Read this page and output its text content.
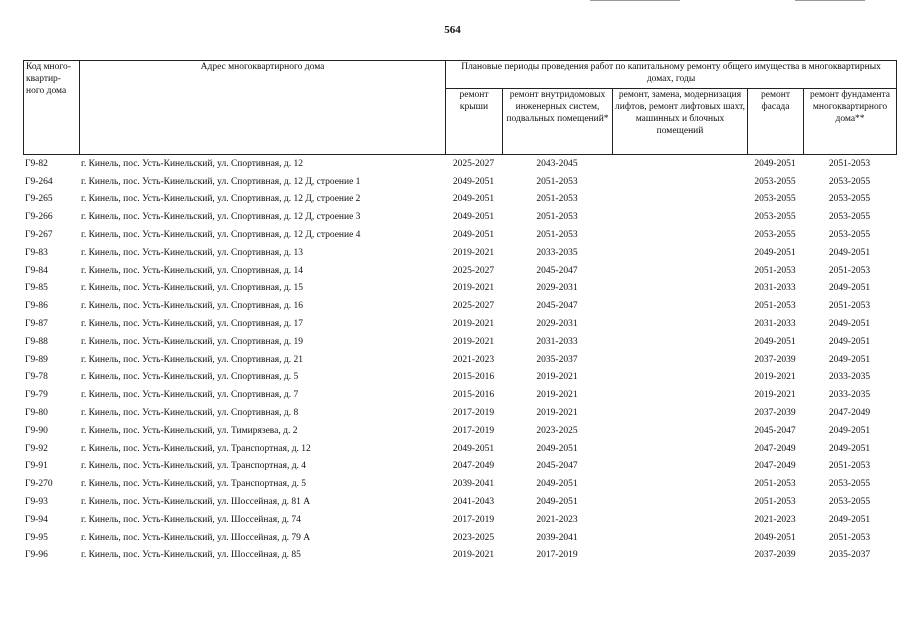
564
Код много-квартир-ного дома	Адрес многоквартирного дома	Плановые периоды проведения работ по капитальному ремонту общего имущества в многоквартирных домах, годы				
		ремонт крыши	ремонт внутридомовых инженерных систем, подвальных помещений*	ремонт, замена, модернизация лифтов, ремонт лифтовых шахт, машинных и блочных помещений	ремонт фасада	ремонт фундамента многоквартирного дома**
Г9-82	г. Кинель, пос. Усть-Кинельский, ул. Спортивная, д. 12	2025-2027	2043-2045		2049-2051	2051-2053
Г9-264	г. Кинель, пос. Усть-Кинельский, ул. Спортивная, д. 12 Д, строение 1	2049-2051	2051-2053		2053-2055	2053-2055
Г9-265	г. Кинель, пос. Усть-Кинельский, ул. Спортивная, д. 12 Д, строение 2	2049-2051	2051-2053		2053-2055	2053-2055
Г9-266	г. Кинель, пос. Усть-Кинельский, ул. Спортивная, д. 12 Д, строение 3	2049-2051	2051-2053		2053-2055	2053-2055
Г9-267	г. Кинель, пос. Усть-Кинельский, ул. Спортивная, д. 12 Д, строение 4	2049-2051	2051-2053		2053-2055	2053-2055
Г9-83	г. Кинель, пос. Усть-Кинельский, ул. Спортивная, д. 13	2019-2021	2033-2035		2049-2051	2049-2051
Г9-84	г. Кинель, пос. Усть-Кинельский, ул. Спортивная, д. 14	2025-2027	2045-2047		2051-2053	2051-2053
Г9-85	г. Кинель, пос. Усть-Кинельский, ул. Спортивная, д. 15	2019-2021	2029-2031		2031-2033	2049-2051
Г9-86	г. Кинель, пос. Усть-Кинельский, ул. Спортивная, д. 16	2025-2027	2045-2047		2051-2053	2051-2053
Г9-87	г. Кинель, пос. Усть-Кинельский, ул. Спортивная, д. 17	2019-2021	2029-2031		2031-2033	2049-2051
Г9-88	г. Кинель, пос. Усть-Кинельский, ул. Спортивная, д. 19	2019-2021	2031-2033		2049-2051	2049-2051
Г9-89	г. Кинель, пос. Усть-Кинельский, ул. Спортивная, д. 21	2021-2023	2035-2037		2037-2039	2049-2051
Г9-78	г. Кинель, пос. Усть-Кинельский, ул. Спортивная, д. 5	2015-2016	2019-2021		2019-2021	2033-2035
Г9-79	г. Кинель, пос. Усть-Кинельский, ул. Спортивная, д. 7	2015-2016	2019-2021		2019-2021	2033-2035
Г9-80	г. Кинель, пос. Усть-Кинельский, ул. Спортивная, д. 8	2017-2019	2019-2021		2037-2039	2047-2049
Г9-90	г. Кинель, пос. Усть-Кинельский, ул. Тимирязева, д. 2	2017-2019	2023-2025		2045-2047	2049-2051
Г9-92	г. Кинель, пос. Усть-Кинельский, ул. Транспортная, д. 12	2049-2051	2049-2051		2047-2049	2049-2051
Г9-91	г. Кинель, пос. Усть-Кинельский, ул. Транспортная, д. 4	2047-2049	2045-2047		2047-2049	2051-2053
Г9-270	г. Кинель, пос. Усть-Кинельский, ул. Транспортная, д. 5	2039-2041	2049-2051		2051-2053	2053-2055
Г9-93	г. Кинель, пос. Усть-Кинельский, ул. Шоссейная, д. 81 А	2041-2043	2049-2051		2051-2053	2053-2055
Г9-94	г. Кинель, пос. Усть-Кинельский, ул. Шоссейная, д. 74	2017-2019	2021-2023		2021-2023	2049-2051
Г9-95	г. Кинель, пос. Усть-Кинельский, ул. Шоссейная, д. 79 А	2023-2025	2039-2041		2049-2051	2051-2053
Г9-96	г. Кинель, пос. Усть-Кинельский, ул. Шоссейная, д. 85	2019-2021	2017-2019		2037-2039	2035-2037
